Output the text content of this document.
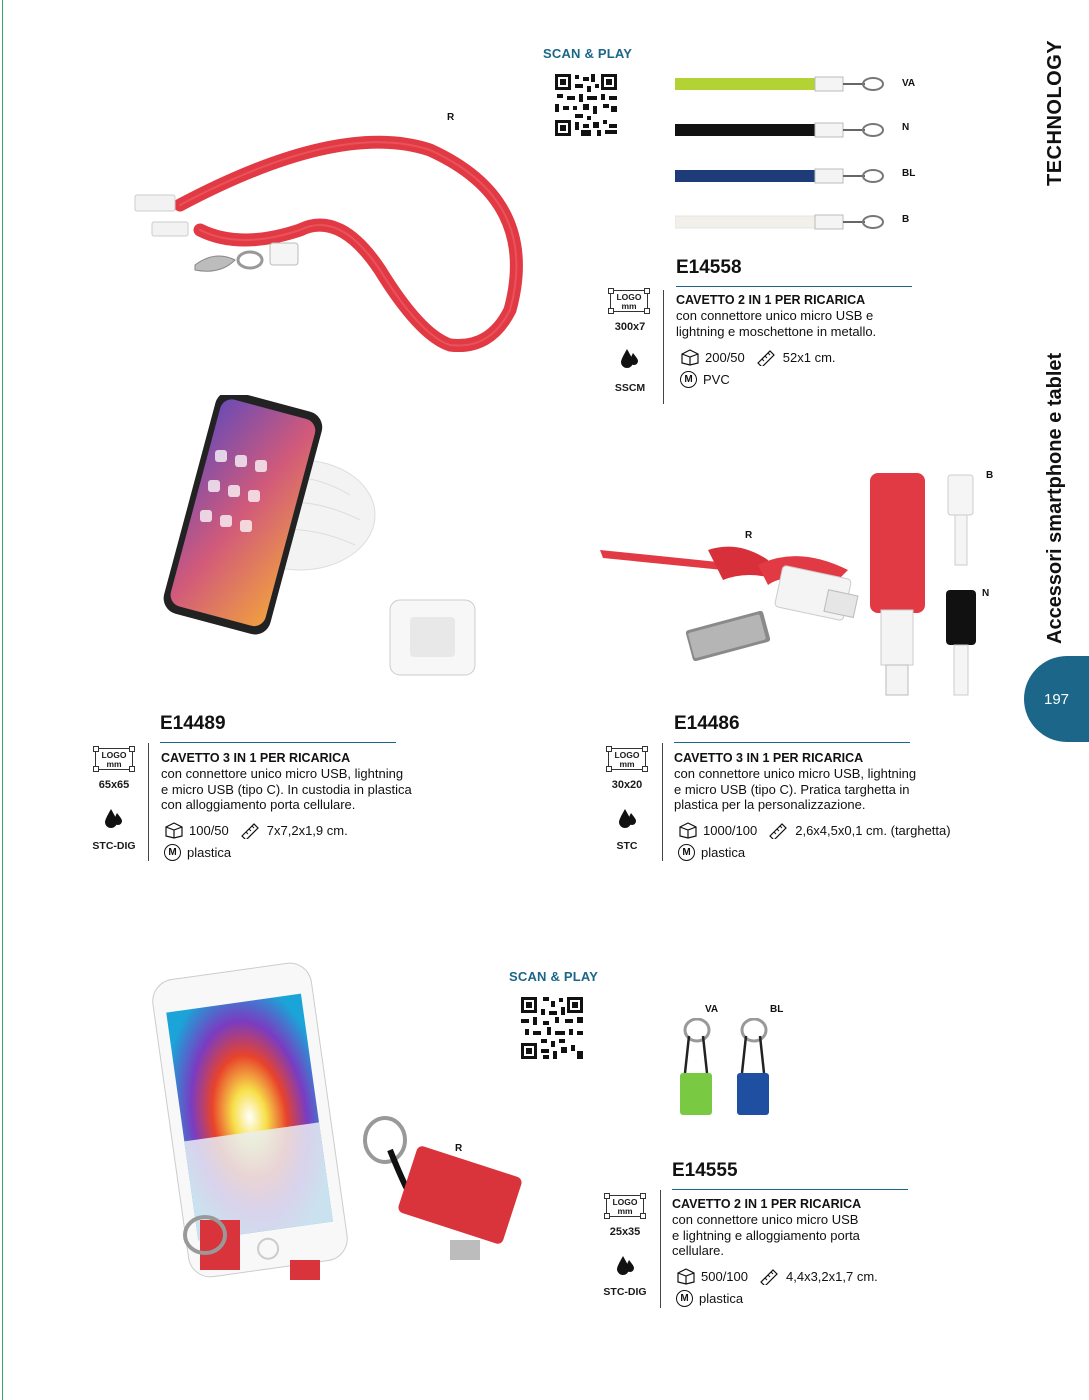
TECHNOLOGY
Accessori smartphone e tablet
197
R
SCAN & PLAY
VA
N
BL
B
E14558
LOGO
mm
300x7
SSCM
CAVETTO 2 IN 1 PER RICARICA
con connettore unico micro USB e
lightning e moschettone in metallo.
200/50	52x1 cm.
M PVC
E14489
LOGO
mm
65x65
STC-DIG
CAVETTO 3 IN 1 PER RICARICA
con connettore unico micro USB, lightning
e micro USB (tipo C). In custodia in plastica
con alloggiamento porta cellulare.
100/50	7x7,2x1,9 cm.
M plastica
R
B
N
E14486
LOGO
mm
30x20
STC
CAVETTO 3 IN 1 PER RICARICA
con connettore unico micro USB, lightning
e micro USB (tipo C). Pratica targhetta in
plastica per la personalizzazione.
1000/100	2,6x4,5x0,1 cm. (targhetta)
M plastica
R
SCAN & PLAY
VA	BL
E14555
LOGO
mm
25x35
STC-DIG
CAVETTO 2 IN 1 PER RICARICA
con connettore unico micro USB
e lightning e alloggiamento porta
cellulare.
500/100	4,4x3,2x1,7 cm.
M plastica
